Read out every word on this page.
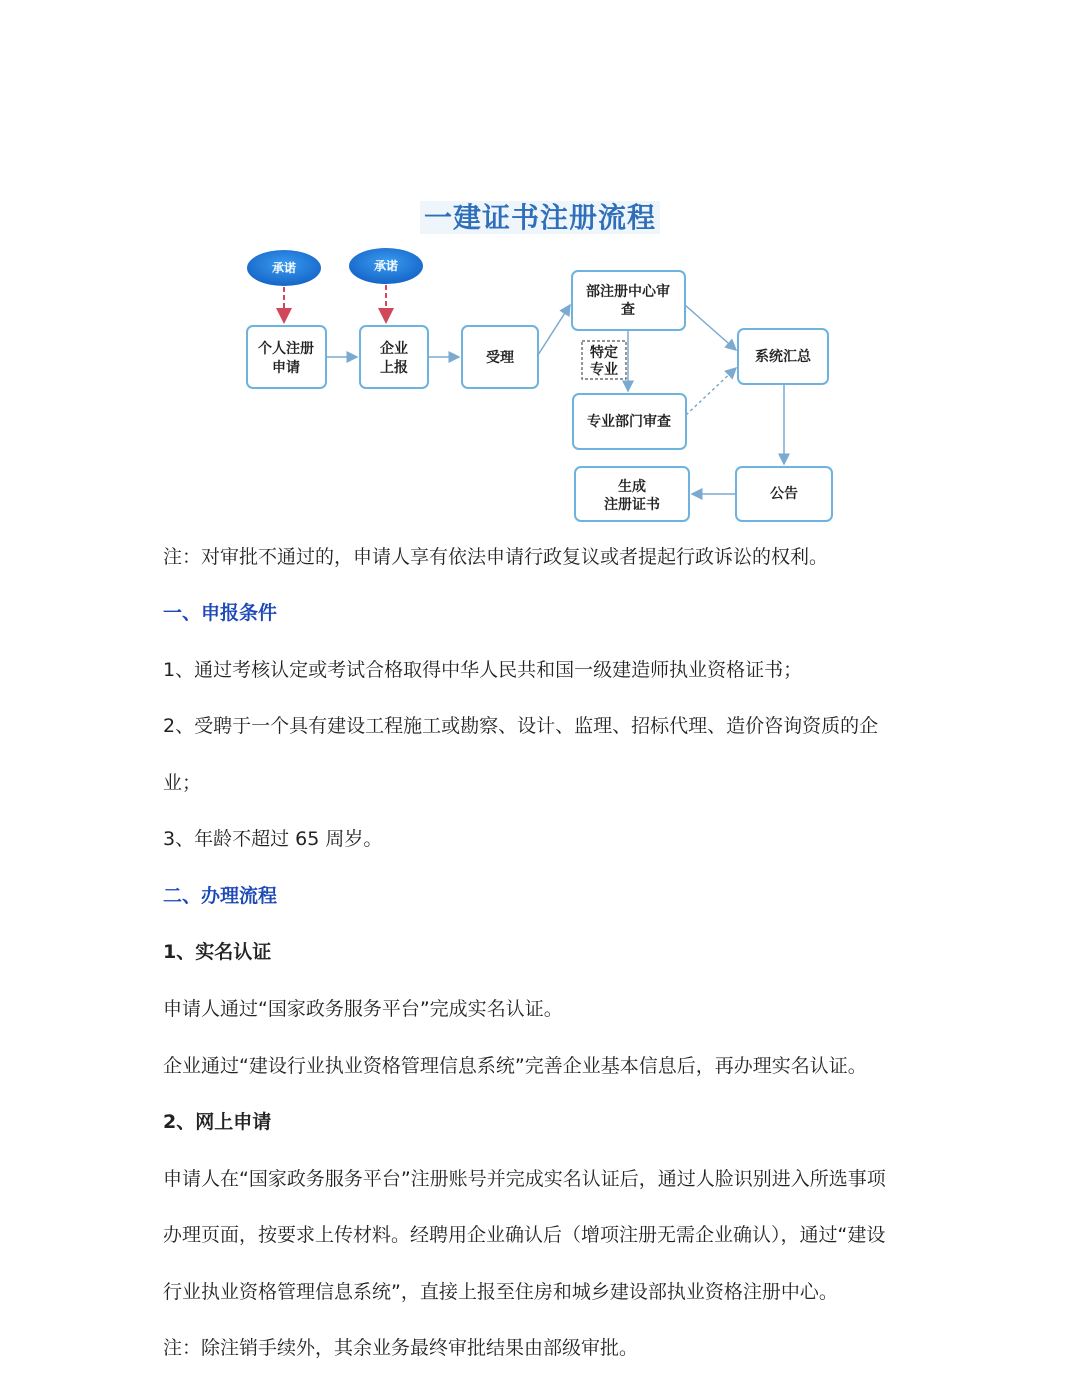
一建证书注册流程
承诺	承诺
个人注册
申请
企业
上报
受理
部注册中心审
查
特定
专业
专业部门审查
系统汇总
公告
生成
注册证书
注：对审批不通过的，申请人享有依法申请行政复议或者提起行政诉讼的权利。
一、申报条件
1、通过考核认定或考试合格取得中华人民共和国一级建造师执业资格证书；
2、受聘于一个具有建设工程施工或勘察、设计、监理、招标代理、造价咨询资质的企
业；
3、年龄不超过 65 周岁。
二、办理流程
1、实名认证
申请人通过“国家政务服务平台”完成实名认证。
企业通过“建设行业执业资格管理信息系统”完善企业基本信息后，再办理实名认证。
2、网上申请
申请人在“国家政务服务平台”注册账号并完成实名认证后，通过人脸识别进入所选事项
办理页面，按要求上传材料。经聘用企业确认后（增项注册无需企业确认），通过“建设
行业执业资格管理信息系统”，直接上报至住房和城乡建设部执业资格注册中心。
注：除注销手续外，其余业务最终审批结果由部级审批。
